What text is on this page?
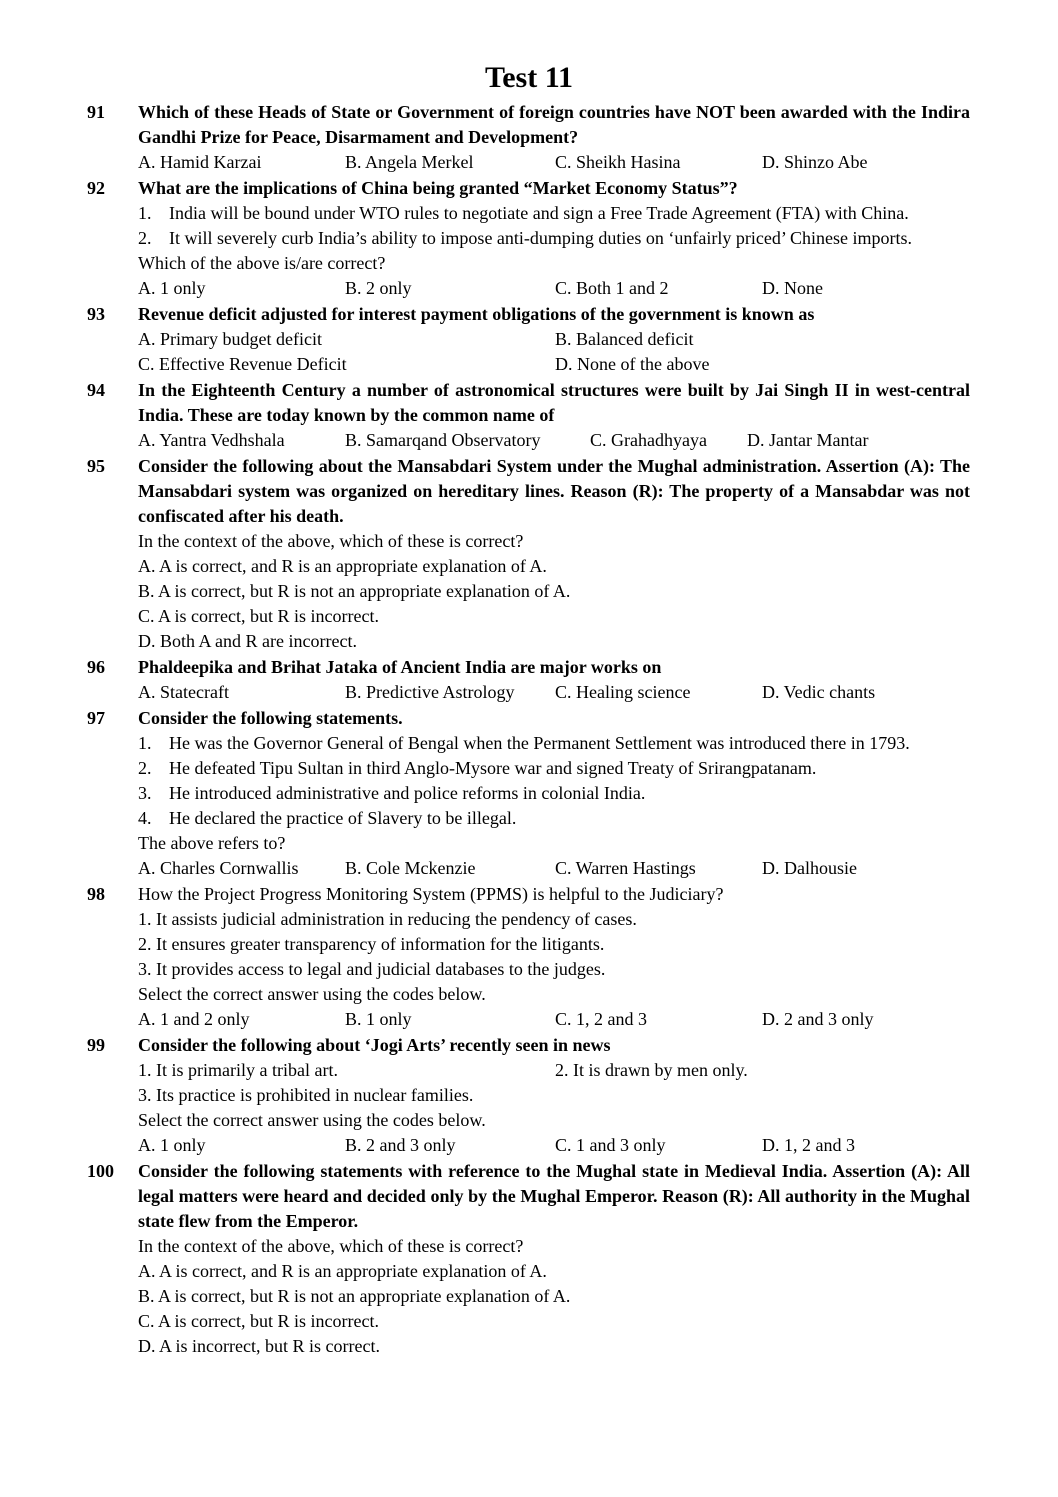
Test 11
91	Which of these Heads of State or Government of foreign countries have NOT been awarded with the Indira Gandhi Prize for Peace, Disarmament and Development?
A. Hamid Karzai	B. Angela Merkel	C. Sheikh Hasina	D. Shinzo Abe
92	What are the implications of China being granted “Market Economy Status”?
1. India will be bound under WTO rules to negotiate and sign a Free Trade Agreement (FTA) with China.
2. It will severely curb India’s ability to impose anti-dumping duties on ‘unfairly priced’ Chinese imports.
Which of the above is/are correct?
A. 1 only	B. 2 only	C. Both 1 and 2	D. None
93	Revenue deficit adjusted for interest payment obligations of the government is known as
A. Primary budget deficit	B. Balanced deficit
C. Effective Revenue Deficit	D. None of the above
94	In the Eighteenth Century a number of astronomical structures were built by Jai Singh II in west-central India. These are today known by the common name of
A. Yantra Vedhshala	B. Samarqand Observatory	C. Grahadhyaya	D. Jantar Mantar
95	Consider the following about the Mansabdari System under the Mughal administration. Assertion (A): The Mansabdari system was organized on hereditary lines. Reason (R): The property of a Mansabdar was not confiscated after his death.
In the context of the above, which of these is correct?
A. A is correct, and R is an appropriate explanation of A.
B. A is correct, but R is not an appropriate explanation of A.
C. A is correct, but R is incorrect.
D. Both A and R are incorrect.
96	Phaldeepika and Brihat Jataka of Ancient India are major works on
A. Statecraft	B. Predictive Astrology	C. Healing science	D. Vedic chants
97	Consider the following statements.
1. He was the Governor General of Bengal when the Permanent Settlement was introduced there in 1793.
2. He defeated Tipu Sultan in third Anglo-Mysore war and signed Treaty of Srirangpatanam.
3. He introduced administrative and police reforms in colonial India.
4. He declared the practice of Slavery to be illegal.
The above refers to?
A. Charles Cornwallis	B. Cole Mckenzie	C. Warren Hastings	D. Dalhousie
98	How the Project Progress Monitoring System (PPMS) is helpful to the Judiciary?
1. It assists judicial administration in reducing the pendency of cases.
2. It ensures greater transparency of information for the litigants.
3. It provides access to legal and judicial databases to the judges.
Select the correct answer using the codes below.
A. 1 and 2 only	B. 1 only	C. 1, 2 and 3	D. 2 and 3 only
99	Consider the following about ‘Jogi Arts’ recently seen in news
1. It is primarily a tribal art.	2. It is drawn by men only.
3. Its practice is prohibited in nuclear families.
Select the correct answer using the codes below.
A. 1 only	B. 2 and 3 only	C. 1 and 3 only	D. 1, 2 and 3
100	Consider the following statements with reference to the Mughal state in Medieval India. Assertion (A): All legal matters were heard and decided only by the Mughal Emperor. Reason (R): All authority in the Mughal state flew from the Emperor.
In the context of the above, which of these is correct?
A. A is correct, and R is an appropriate explanation of A.
B. A is correct, but R is not an appropriate explanation of A.
C. A is correct, but R is incorrect.
D. A is incorrect, but R is correct.
